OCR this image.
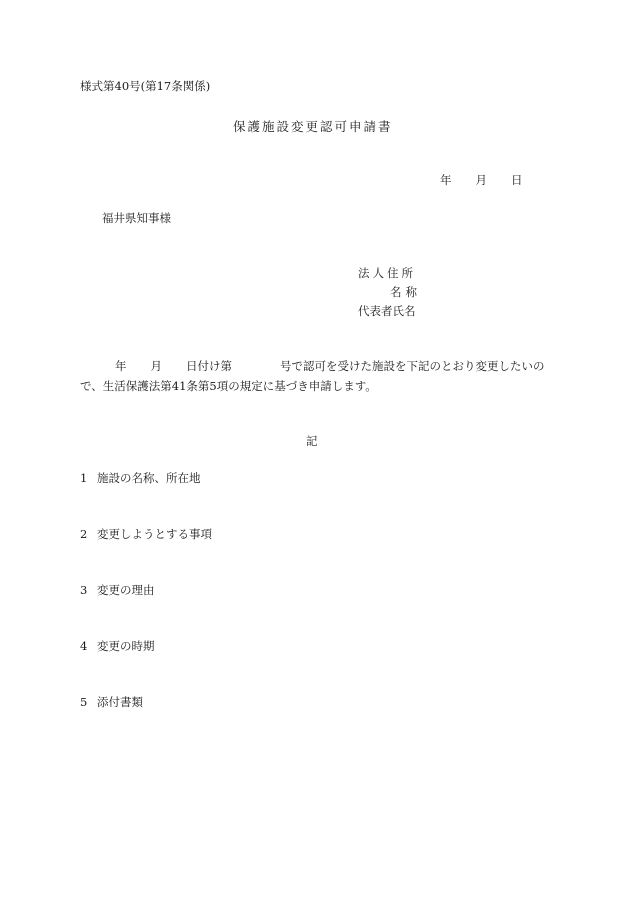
様式第40号(第17条関係)
保護施設変更認可申請書
年 月 日
福井県知事様
法人住所
名称
代表者氏名
年 月 日付け第	号で認可を受けた施設を下記のとおり変更したいの
で、生活保護法第41条第5項の規定に基づき申請します。
記
1 施設の名称、所在地
2 変更しようとする事項
3 変更の理由
4 変更の時期
5 添付書類
